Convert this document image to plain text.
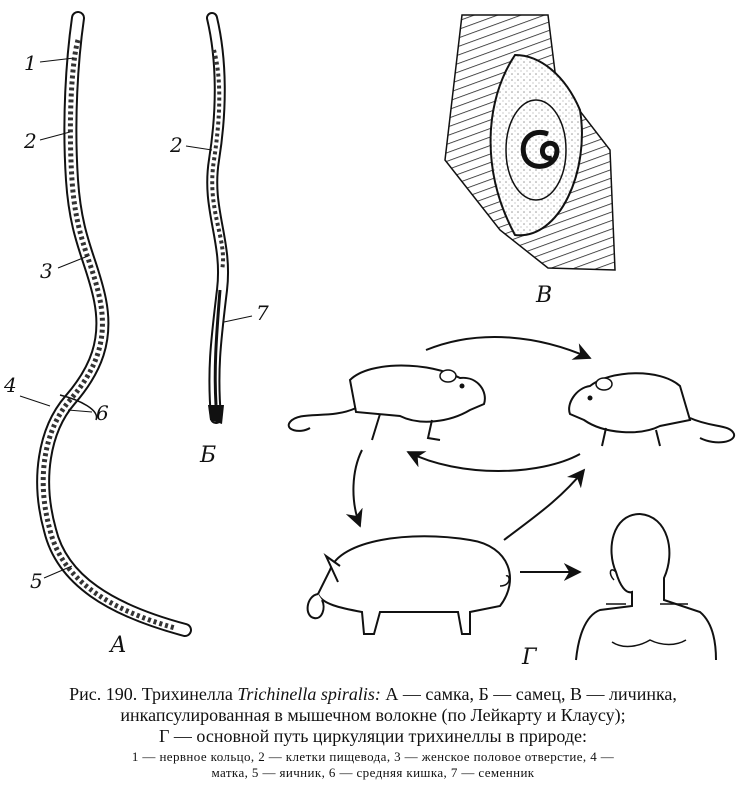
1
2
3
4
6
5
А
2
7
Б
В
Г
Рис. 190. Трихинелла Trichinella spiralis: А — самка, Б — самец, В — личинка, инкапсулированная в мышечном волокне (по Лейкарту и Клаусу);
Г — основной путь циркуляции трихинеллы в природе:
1 — нервное кольцо, 2 — клетки пищевода, 3 — женское половое отверстие, 4 —
матка, 5 — яичник, 6 — средняя кишка, 7 — семенник
